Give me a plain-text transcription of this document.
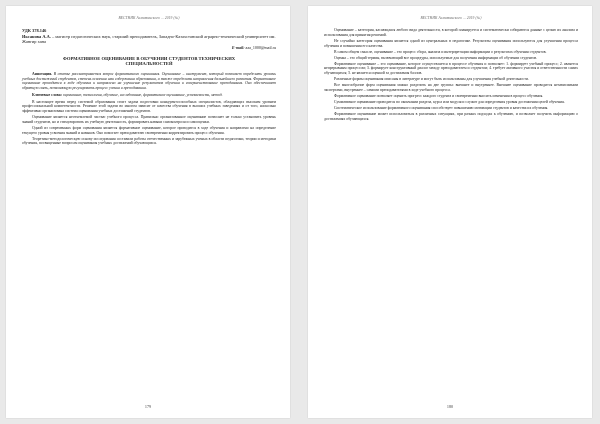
ВЕСТНИК Алматинского ... 2019 (№)
УДК 378.146

Иксанова А.А. – магистр педагогических наук, старший преподаватель, Западно-Казахстанский аграрно-технический университет им. Жангир хана

E-mail: ааа_1000@mail.ru

ФОРМАТИВНОЕ ОЦЕНИВАНИЕ В ОБУЧЕНИИ СТУДЕНТОВ ТЕХНИЧЕСКИХ СПЕЦИАЛЬНОСТЕЙ

Аннотация. В статье рассматривается вопрос формативного оценивания. Оценивание – инструмент, который позволяет определить уровень учебных достижений студентов, степень освоения ими содержания образования, а также определить направления дальнейшего развития. Формативное оценивание проводится в ходе обучения и направлено на улучшение результатов обучения и совершенствование преподавания. Оно обеспечивает обратную связь, позволяющую регулировать процесс учения и преподавания.

Ключевые слова: оценивание, технология, обучение, исследование, формативное оценивание, успеваемость, метод.

В настоящее время перед системой образования стоит задача подготовки конкурентоспособных специалистов, обладающих высоким уровнем профессиональной компетентности. Решение этой задачи во многом зависит от качества обучения в высших учебных заведениях и от того, насколько эффективно организована система оценивания учебных достижений студентов.

Оценивание является неотъемлемой частью учебного процесса. Правильно организованное оценивание позволяет не только установить уровень знаний студентов, но и стимулировать их учебную деятельность, формировать навыки самоконтроля и самооценки.

Одной из современных форм оценивания является формативное оценивание, которое проводится в ходе обучения и направлено на определение текущего уровня усвоения знаний и навыков. Оно помогает преподавателю своевременно корректировать процесс обучения.

Теоретико-методологическую основу исследования составили работы отечественных и зарубежных ученых в области педагогики, теории и методики обучения, посвященные вопросам оценивания учебных достижений обучающихся.

179
ВЕСТНИК Алматинского ... 2019 (№)

Оценивание – категория, касающаяся любого вида деятельности, в которой планируется и систематически собираются данные с целью их анализа и использования для принятия решений.

Не случайно категория оценивания является одной из центральных в педагогике. Результаты оценивания используются для улучшения процесса обучения и повышения его качества.

В самом общем смысле, оценивание – это процесс сбора, анализа и интерпретации информации о результатах обучения студентов.

Оценка – это общий термин, включающий все процедуры, используемые для получения информации об обучении студентов.

Формативное оценивание – это оценивание, которое осуществляется в процессе обучения и позволяет: 1. формирует учебный процесс; 2. является непрерывным процессом; 3. формирует конструктивный диалог между преподавателем и студентом; 4. требует активного участия и ответственности самих обучающихся; 5. не является оценкой за достижения баллов.

Различные формы оценивания описаны в литературе и могут быть использованы для улучшения учебной деятельности.

Все многообразие форм оценивания можно разделить на две группы: внешнее и внутреннее. Внешнее оценивание проводится независимыми экспертами, внутреннее – самими преподавателями в ходе учебного процесса.

Формативное оценивание позволяет оценить прогресс каждого студента и своевременно вносить изменения в процесс обучения.

Суммативное оценивание проводится по окончании раздела, курса или модуля и служит для определения уровня достижения целей обучения.

Систематическое использование формативного оценивания способствует повышению мотивации студентов и качества их обучения.

Формативное оценивание может использоваться в различных ситуациях, при разных подходах к обучению, и позволяет получить информацию о достижениях обучающихся.

180
